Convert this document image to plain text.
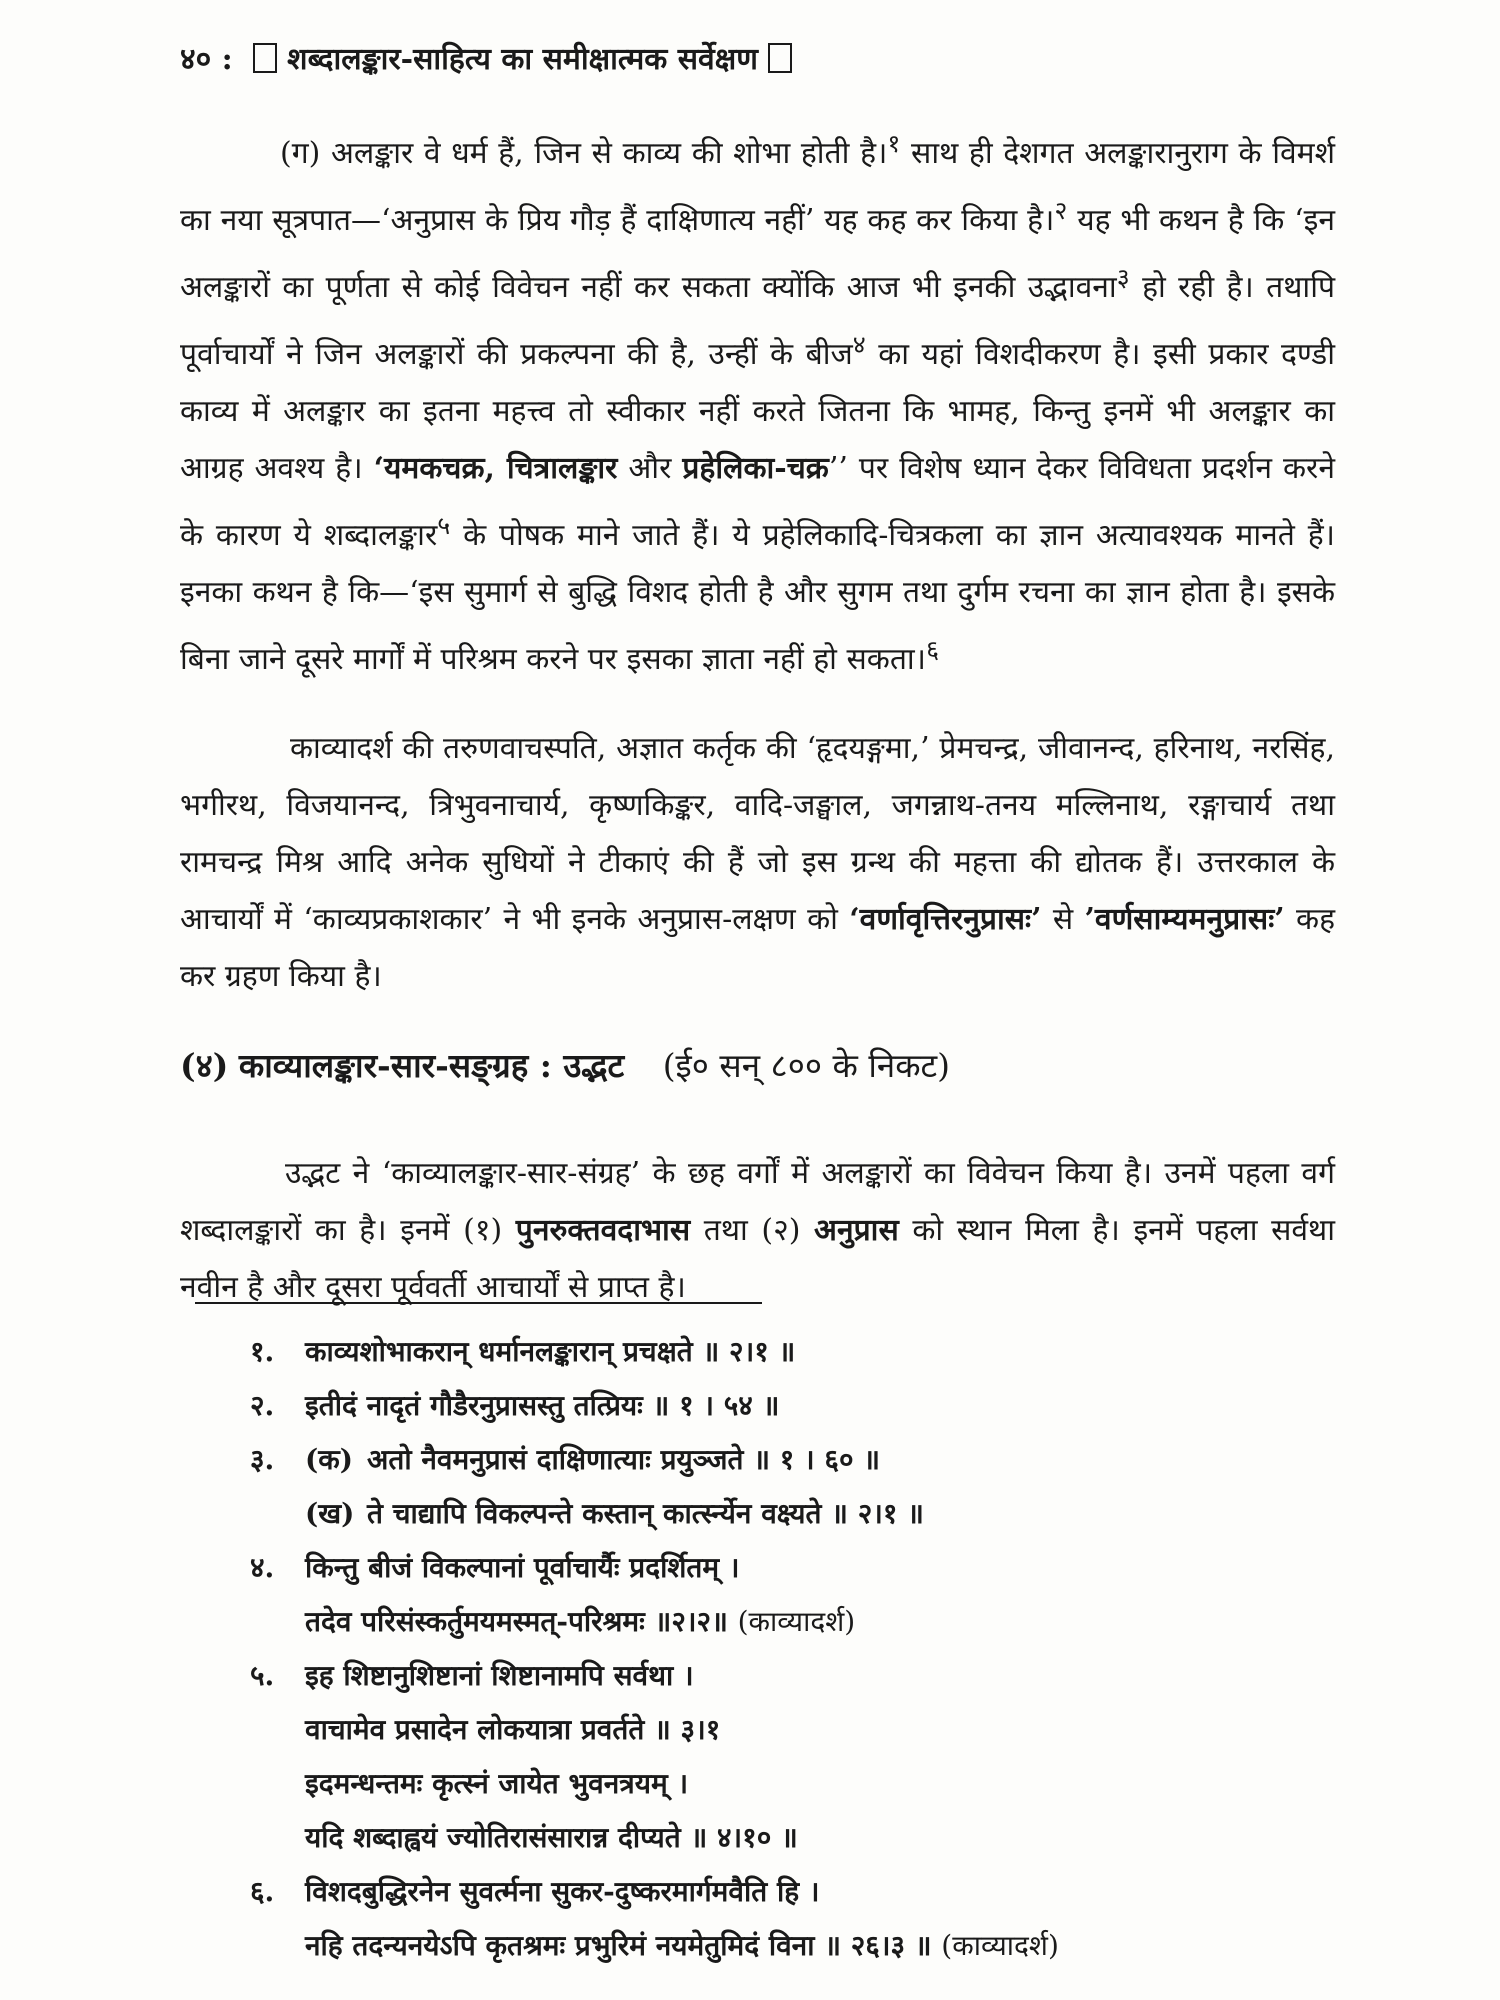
४० : शब्दालङ्कार-साहित्य का समीक्षात्मक सर्वेक्षण
(ग) अलङ्कार वे धर्म हैं, जिन से काव्य की शोभा होती है।$^१$ साथ ही देशगत अलङ्कारानुराग के विमर्श का नया सूत्रपात—‘अनुप्रास के प्रिय गौड़ हैं दाक्षिणात्य नहीं’ यह कह कर किया है।$^२$ यह भी कथन है कि ‘इन अलङ्कारों का पूर्णता से कोई विवेचन नहीं कर सकता क्योंकि आज भी इनकी उद्भावना$^३$ हो रही है। तथापि पूर्वाचार्यों ने जिन अलङ्कारों की प्रकल्पना की है, उन्हीं के बीज$^४$ का यहां विशदीकरण है। इसी प्रकार दण्डी काव्य में अलङ्कार का इतना महत्त्व तो स्वीकार नहीं करते जितना कि भामह, किन्तु इनमें भी अलङ्कार का आग्रह अवश्य है। ‘यमकचक्र, चित्रालङ्कार और प्रहेलिका-चक्र’’ पर विशेष ध्यान देकर विविधता प्रदर्शन करने के कारण ये शब्दालङ्कार$^५$ के पोषक माने जाते हैं। ये प्रहेलिकादि-चित्रकला का ज्ञान अत्यावश्यक मानते हैं। इनका कथन है कि—‘इस सुमार्ग से बुद्धि विशद होती है और सुगम तथा दुर्गम रचना का ज्ञान होता है। इसके बिना जाने दूसरे मार्गों में परिश्रम करने पर इसका ज्ञाता नहीं हो सकता।$^६$
काव्यादर्श की तरुणवाचस्पति, अज्ञात कर्तृक की ‘हृदयङ्गमा,’ प्रेमचन्द्र, जीवानन्द, हरिनाथ, नरसिंह, भगीरथ, विजयानन्द, त्रिभुवनाचार्य, कृष्णकिङ्कर, वादि-जङ्घाल, जगन्नाथ-तनय मल्लिनाथ, रङ्गाचार्य तथा रामचन्द्र मिश्र आदि अनेक सुधियों ने टीकाएं की हैं जो इस ग्रन्थ की महत्ता की द्योतक हैं। उत्तरकाल के आचार्यों में ‘काव्यप्रकाशकार’ ने भी इनके अनुप्रास-लक्षण को ‘वर्णावृत्तिरनुप्रासः’ से ’वर्णसाम्यमनुप्रासः’ कह कर ग्रहण किया है।
(४) काव्यालङ्कार-सार-सङ्ग्रह : उद्भट (ई० सन् ८०० के निकट)
उद्भट ने ‘काव्यालङ्कार-सार-संग्रह’ के छह वर्गों में अलङ्कारों का विवेचन किया है। उनमें पहला वर्ग शब्दालङ्कारों का है। इनमें (१) पुनरुक्तवदाभास तथा (२) अनुप्रास को स्थान मिला है। इनमें पहला सर्वथा नवीन है और दूसरा पूर्ववर्ती आचार्यों से प्राप्त है।
१.	काव्यशोभाकरान् धर्मानलङ्कारान् प्रचक्षते ॥ २।१ ॥
२.	इतीदं नादृतं गौडैरनुप्रासस्तु तत्प्रियः ॥ १ । ५४ ॥
३.	(क) अतो नैवमनुप्रासं दाक्षिणात्याः प्रयुञ्जते ॥ १ । ६० ॥
(ख) ते चाद्यापि विकल्पन्ते कस्तान् कार्त्स्न्येन वक्ष्यते ॥ २।१ ॥
४.	किन्तु बीजं विकल्पानां पूर्वाचार्यैः प्रदर्शितम् ।
तदेव परिसंस्कर्तुमयमस्मत्-परिश्रमः ॥२।२॥ (काव्यादर्श)
५.	इह शिष्टानुशिष्टानां शिष्टानामपि सर्वथा ।
वाचामेव प्रसादेन लोकयात्रा प्रवर्तते ॥ ३।१
इदमन्धन्तमः कृत्स्नं जायेत भुवनत्रयम् ।
यदि शब्दाह्वयं ज्योतिरासंसारान्न दीप्यते ॥ ४।१० ॥
६.	विशदबुद्धिरनेन सुवर्त्मना सुकर-दुष्करमार्गमवैति हि ।
नहि तदन्यनयेऽपि कृतश्रमः प्रभुरिमं नयमेतुमिदं विना ॥ २६।३ ॥ (काव्यादर्श)
